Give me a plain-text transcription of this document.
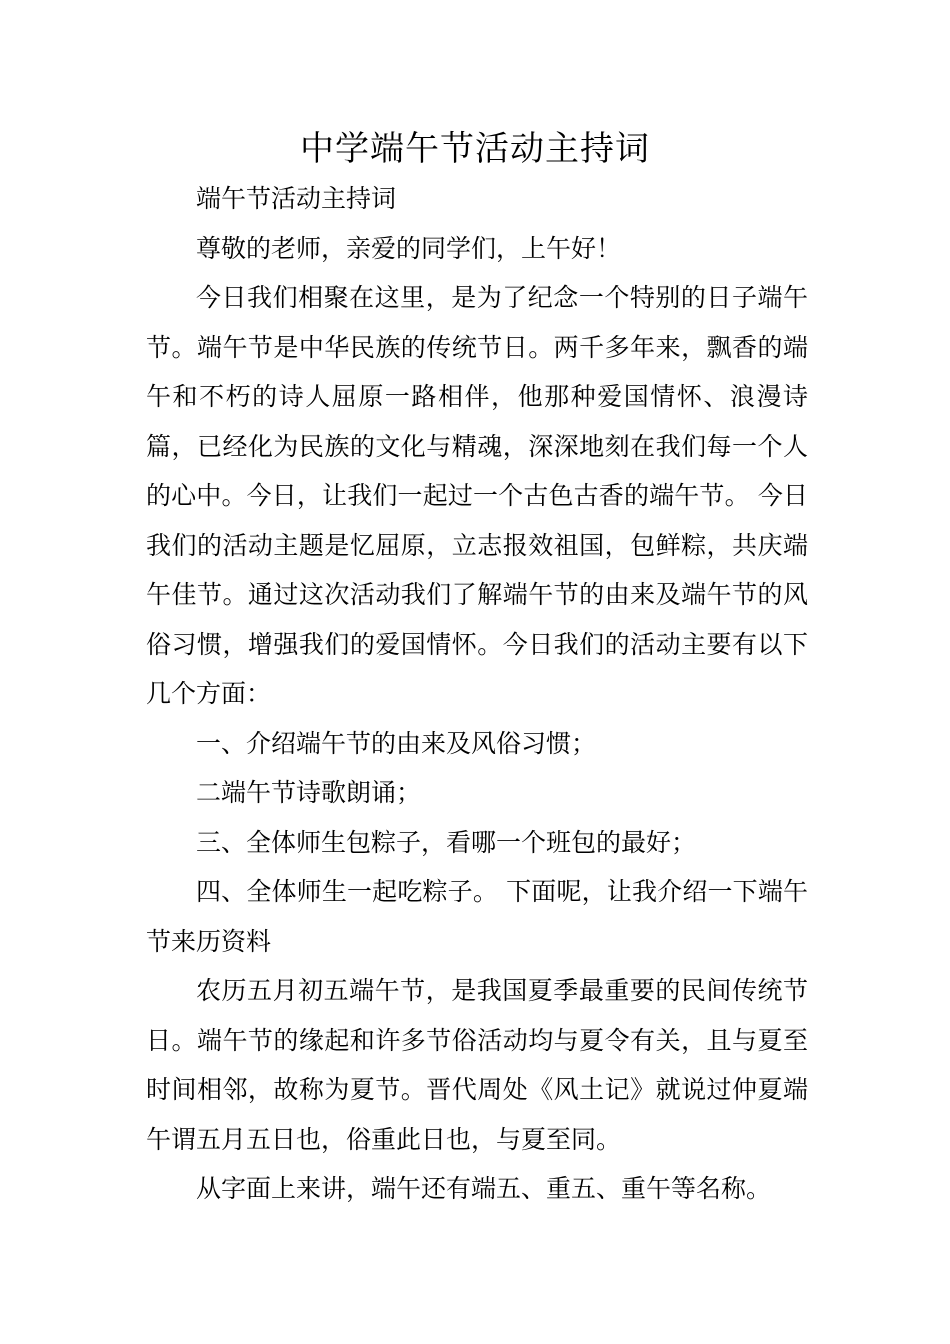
中学端午节活动主持词

端午节活动主持词

尊敬的老师，亲爱的同学们，上午好！

今日我们相聚在这里，是为了纪念一个特别的日子端午节。端午节是中华民族的传统节日。两千多年来，飘香的端午和不朽的诗人屈原一路相伴，他那种爱国情怀、浪漫诗篇，已经化为民族的文化与精魂，深深地刻在我们每一个人的心中。今日，让我们一起过一个古色古香的端午节。 今日我们的活动主题是忆屈原，立志报效祖国，包鲜粽，共庆端午佳节。通过这次活动我们了解端午节的由来及端午节的风俗习惯，增强我们的爱国情怀。今日我们的活动主要有以下几个方面：

一、介绍端午节的由来及风俗习惯；

二端午节诗歌朗诵；

三、全体师生包粽子，看哪一个班包的最好；

四、全体师生一起吃粽子。 下面呢，让我介绍一下端午节来历资料

农历五月初五端午节，是我国夏季最重要的民间传统节日。端午节的缘起和许多节俗活动均与夏令有关，且与夏至时间相邻，故称为夏节。晋代周处《风土记》就说过仲夏端午谓五月五日也，俗重此日也，与夏至同。

从字面上来讲，端午还有端五、重五、重午等名称。
